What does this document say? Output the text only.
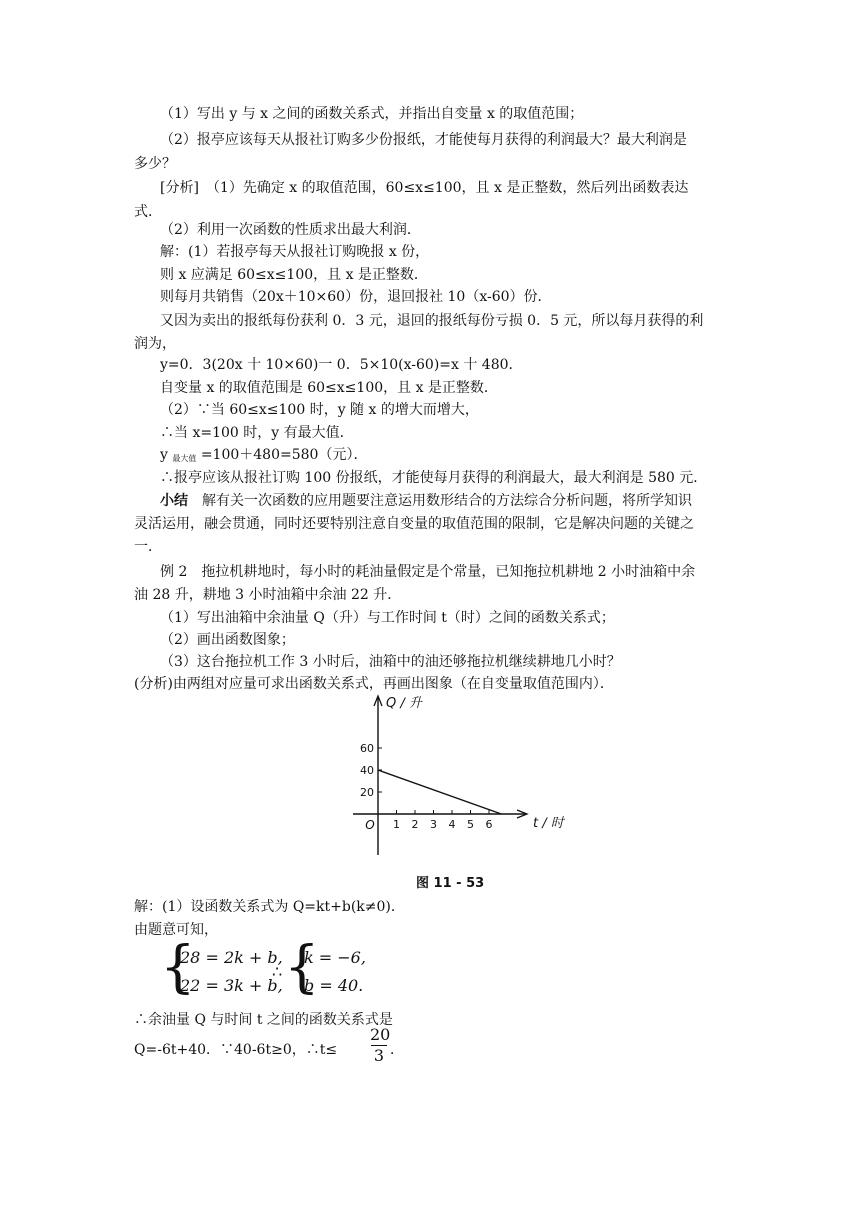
（1）写出 y 与 x 之间的函数关系式，并指出自变量 x 的取值范围；
（2）报亭应该每天从报社订购多少份报纸，才能使每月获得的利润最大？最大利润是
多少？
[分析]　（1）先确定 x 的取值范围，60≤x≤100，且 x 是正整数，然后列出函数表达
式．
（2）利用一次函数的性质求出最大利润．
解：(1）若报亭每天从报社订购晚报 x 份，
则 x 应满足 60≤x≤100，且 x 是正整数．
则每月共销售（20x＋10×60）份，退回报社 10（x-60）份．
又因为卖出的报纸每份获利 0．3 元，退回的报纸每份亏损 0．5 元，所以每月获得的利
润为，
y=0．3(20x 十 10×60)一 0．5×10(x-60)=x 十 480．
自变量 x 的取值范围是 60≤x≤100，且 x 是正整数．
（2）∵当 60≤x≤100 时，y 随 x 的增大而增大，
∴当 x=100 时，y 有最大值．
y $_{最大值}$ =100＋480=580（元）．
∴报亭应该从报社订购 100 份报纸，才能使每月获得的利润最大，最大利润是 580 元．
小结  解有关一次函数的应用题要注意运用数形结合的方法综合分析问题，将所学知识
灵活运用，融会贯通，同时还要特别注意自变量的取值范围的限制，它是解决问题的关键之
一．
例 2　拖拉机耕地时，每小时的耗油量假定是个常量，已知拖拉机耕地 2 小时油箱中余
油 28 升，耕地 3 小时油箱中余油 22 升．
（1）写出油箱中余油量 Q（升）与工作时间 t（时）之间的函数关系式；
（2）画出函数图象；
（3）这台拖拉机工作 3 小时后，油箱中的油还够拖拉机继续耕地几小时？
(分析)由两组对应量可求出函数关系式，再画出图象（在自变量取值范围内）．
Q ∕ 升
t ∕ 时
O
20
40
60
1 2 3 4 5 6
图 11 - 53
解：(1）设函数关系式为 Q=kt+b(k≠0)．
由题意可知，
{
28 = 2k + b,
22 = 3k + b,
∴ {
k = −6,
b = 40.
∴余油量 Q 与时间 t 之间的函数关系式是
Q=-6t+40．∵40-6t≥0，∴t≤
20
3 ．
